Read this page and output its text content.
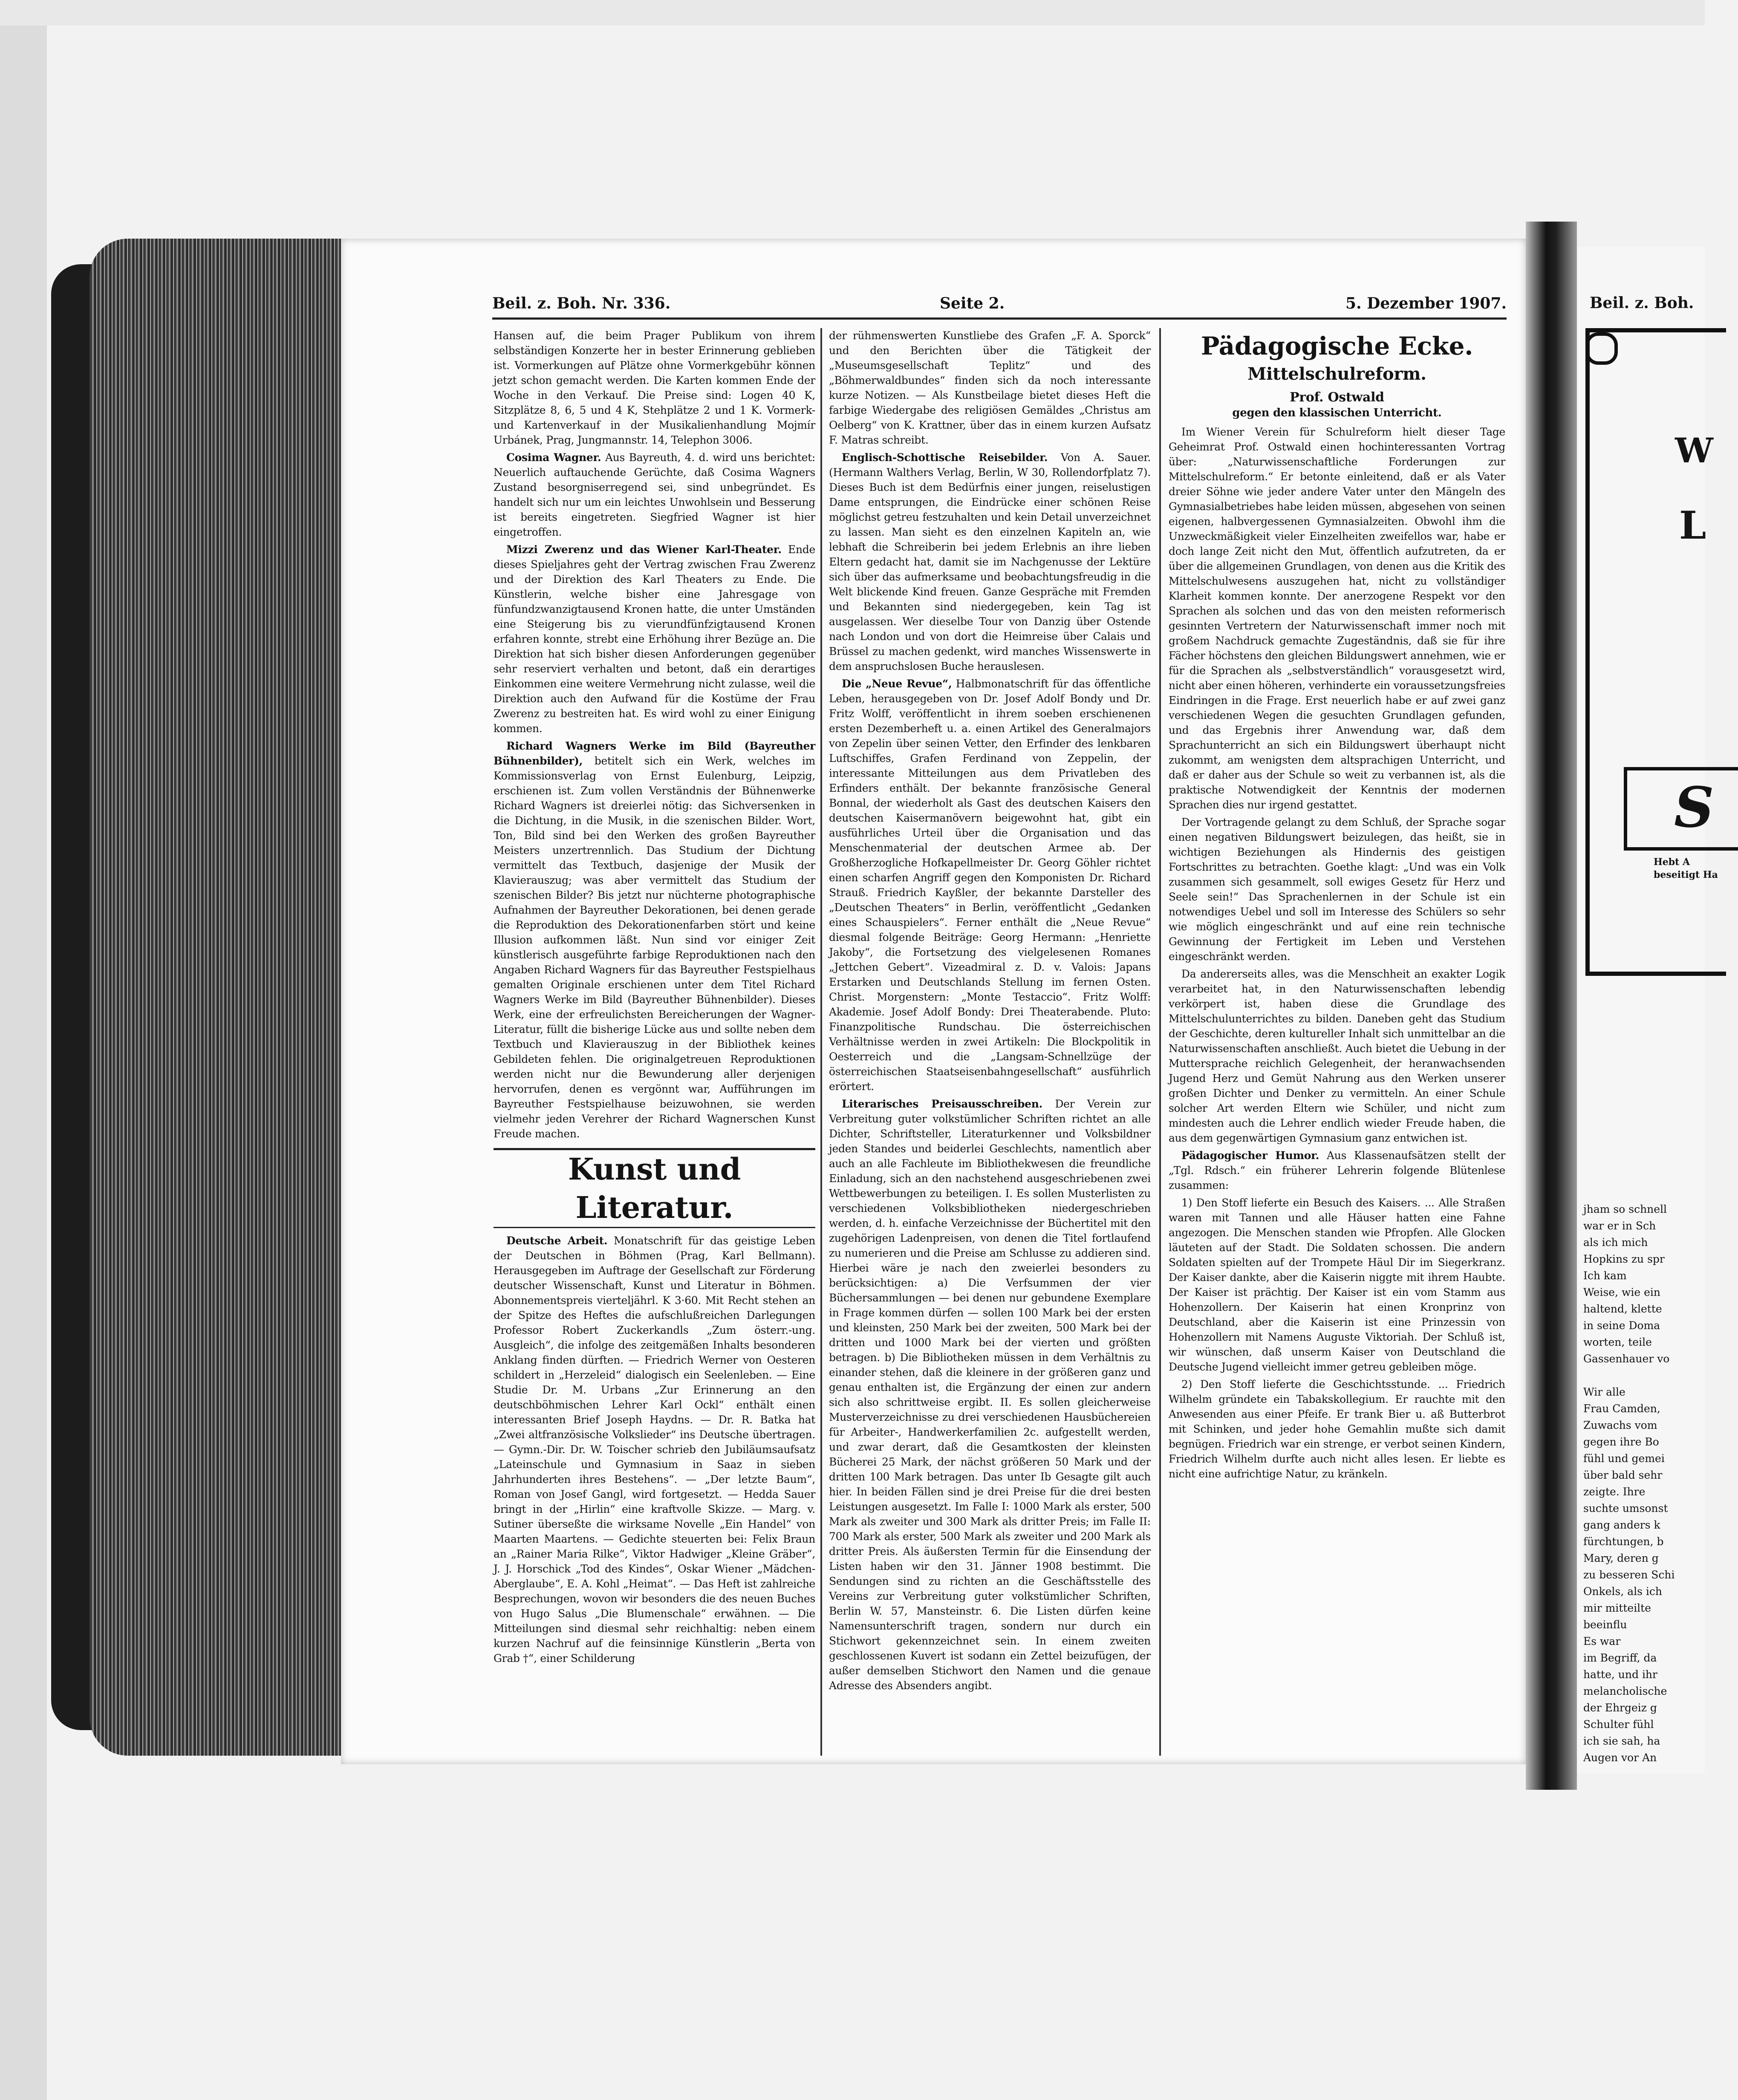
Beil. z. Boh. Nr. 336.	Seite 2.	5. Dezember 1907.

Hansen auf, die beim Prager Publikum von ihrem selbständigen Konzerte her in bester Erinnerung geblieben ist. Vormerkungen auf Plätze ohne Vormerkgebühr können jetzt schon gemacht werden. Die Karten kommen Ende der Woche in den Verkauf. Die Preise sind: Logen 40 K, Sitzplätze 8, 6, 5 und 4 K, Stehplätze 2 und 1 K. Vormerk- und Kartenverkauf in der Musikalienhandlung Mojmír Urbánek, Prag, Jungmannstr. 14, Telephon 3006.

Cosima Wagner. Aus Bayreuth, 4. d. wird uns berichtet: Neuerlich auftauchende Gerüchte, daß Cosima Wagners Zustand besorgniserregend sei, sind unbegründet. Es handelt sich nur um ein leichtes Unwohlsein und Besserung ist bereits eingetreten. Siegfried Wagner ist hier eingetroffen.

Mizzi Zwerenz und das Wiener Karl-Theater. Ende dieses Spieljahres geht der Vertrag zwischen Frau Zwerenz und der Direktion des Karl Theaters zu Ende. Die Künstlerin, welche bisher eine Jahresgage von fünfundzwanzigtausend Kronen hatte, die unter Umständen eine Steigerung bis zu vierundfünfzigtausend Kronen erfahren konnte, strebt eine Erhöhung ihrer Bezüge an. Die Direktion hat sich bisher diesen Anforderungen gegenüber sehr reserviert verhalten und betont, daß ein derartiges Einkommen eine weitere Vermehrung nicht zulasse, weil die Direktion auch den Aufwand für die Kostüme der Frau Zwerenz zu bestreiten hat. Es wird wohl zu einer Einigung kommen.

Richard Wagners Werke im Bild (Bayreuther Bühnenbilder), betitelt sich ein Werk, welches im Kommissionsverlag von Ernst Eulenburg, Leipzig, erschienen ist. Zum vollen Verständnis der Bühnenwerke Richard Wagners ist dreierlei nötig: das Sichversenken in die Dichtung, in die Musik, in die szenischen Bilder. Wort, Ton, Bild sind bei den Werken des großen Bayreuther Meisters unzertrennlich. Das Studium der Dichtung vermittelt das Textbuch, dasjenige der Musik der Klavierauszug; was aber vermittelt das Studium der szenischen Bilder? Bis jetzt nur nüchterne photographische Aufnahmen der Bayreuther Dekorationen, bei denen gerade die Reproduktion des Dekorationenfarben stört und keine Illusion aufkommen läßt. Nun sind vor einiger Zeit künstlerisch ausgeführte farbige Reproduktionen nach den Angaben Richard Wagners für das Bayreuther Festspielhaus gemalten Originale erschienen unter dem Titel Richard Wagners Werke im Bild (Bayreuther Bühnenbilder). Dieses Werk, eine der erfreulichsten Bereicherungen der Wagner-Literatur, füllt die bisherige Lücke aus und sollte neben dem Textbuch und Klavierauszug in der Bibliothek keines Gebildeten fehlen. Die originalgetreuen Reproduktionen werden nicht nur die Bewunderung aller derjenigen hervorrufen, denen es vergönnt war, Aufführungen im Bayreuther Festspielhause beizuwohnen, sie werden vielmehr jeden Verehrer der Richard Wagnerschen Kunst Freude machen.

Kunst und Literatur.

Deutsche Arbeit. Monatschrift für das geistige Leben der Deutschen in Böhmen (Prag, Karl Bellmann). Herausgegeben im Auftrage der Gesellschaft zur Förderung deutscher Wissenschaft, Kunst und Literatur in Böhmen. Abonnementspreis vierteljährl. K 3·60. Mit Recht stehen an der Spitze des Heftes die aufschlußreichen Darlegungen Professor Robert Zuckerkandls „Zum österr.-ung. Ausgleich“, die infolge des zeitgemäßen Inhalts besonderen Anklang finden dürften. — Friedrich Werner von Oesteren schildert in „Herzeleid“ dialogisch ein Seelenleben. — Eine Studie Dr. M. Urbans „Zur Erinnerung an den deutschböhmischen Lehrer Karl Ockl“ enthält einen interessanten Brief Joseph Haydns. — Dr. R. Batka hat „Zwei altfranzösische Volkslieder“ ins Deutsche übertragen. — Gymn.-Dir. Dr. W. Toischer schrieb den Jubiläumsaufsatz „Lateinschule und Gymnasium in Saaz in sieben Jahrhunderten ihres Bestehens“. — „Der letzte Baum“, Roman von Josef Gangl, wird fortgesetzt. — Hedda Sauer bringt in der „Hirlin“ eine kraftvolle Skizze. — Marg. v. Sutiner überseßte die wirksame Novelle „Ein Handel“ von Maarten Maartens. — Gedichte steuerten bei: Felix Braun an „Rainer Maria Rilke“, Viktor Hadwiger „Kleine Gräber“, J. J. Horschick „Tod des Kindes“, Oskar Wiener „Mädchen-Aberglaube“, E. A. Kohl „Heimat“. — Das Heft ist zahlreiche Besprechungen, wovon wir besonders die des neuen Buches von Hugo Salus „Die Blumenschale“ erwähnen. — Die Mitteilungen sind diesmal sehr reichhaltig: neben einem kurzen Nachruf auf die feinsinnige Künstlerin „Berta von Grab †“, einer Schilderung

der rühmenswerten Kunstliebe des Grafen „F. A. Sporck“ und den Berichten über die Tätigkeit der „Museumsgesellschaft Teplitz“ und des „Böhmerwaldbundes“ finden sich da noch interessante kurze Notizen. — Als Kunstbeilage bietet dieses Heft die farbige Wiedergabe des religiösen Gemäldes „Christus am Oelberg“ von K. Krattner, über das in einem kurzen Aufsatz F. Matras schreibt.

Englisch-Schottische Reisebilder. Von A. Sauer. (Hermann Walthers Verlag, Berlin, W 30, Rollendorfplatz 7). Dieses Buch ist dem Bedürfnis einer jungen, reiselustigen Dame entsprungen, die Eindrücke einer schönen Reise möglichst getreu festzuhalten und kein Detail unverzeichnet zu lassen. Man sieht es den einzelnen Kapiteln an, wie lebhaft die Schreiberin bei jedem Erlebnis an ihre lieben Eltern gedacht hat, damit sie im Nachgenusse der Lektüre sich über das aufmerksame und beobachtungsfreudig in die Welt blickende Kind freuen. Ganze Gespräche mit Fremden und Bekannten sind niedergegeben, kein Tag ist ausgelassen. Wer dieselbe Tour von Danzig über Ostende nach London und von dort die Heimreise über Calais und Brüssel zu machen gedenkt, wird manches Wissenswerte in dem anspruchslosen Buche herauslesen.

Die „Neue Revue“, Halbmonatschrift für das öffentliche Leben, herausgegeben von Dr. Josef Adolf Bondy und Dr. Fritz Wolff, veröffentlicht in ihrem soeben erschienenen ersten Dezemberheft u. a. einen Artikel des Generalmajors von Zepelin über seinen Vetter, den Erfinder des lenkbaren Luftschiffes, Grafen Ferdinand von Zeppelin, der interessante Mitteilungen aus dem Privatleben des Erfinders enthält. Der bekannte französische General Bonnal, der wiederholt als Gast des deutschen Kaisers den deutschen Kaisermanövern beigewohnt hat, gibt ein ausführliches Urteil über die Organisation und das Menschenmaterial der deutschen Armee ab. Der Großherzogliche Hofkapellmeister Dr. Georg Göhler richtet einen scharfen Angriff gegen den Komponisten Dr. Richard Strauß. Friedrich Kayßler, der bekannte Darsteller des „Deutschen Theaters“ in Berlin, veröffentlicht „Gedanken eines Schauspielers“. Ferner enthält die „Neue Revue“ diesmal folgende Beiträge: Georg Hermann: „Henriette Jakoby“, die Fortsetzung des vielgelesenen Romanes „Jettchen Gebert“. Vizeadmiral z. D. v. Valois: Japans Erstarken und Deutschlands Stellung im fernen Osten. Christ. Morgenstern: „Monte Testaccio“. Fritz Wolff: Akademie. Josef Adolf Bondy: Drei Theaterabende. Pluto: Finanzpolitische Rundschau. Die österreichischen Verhältnisse werden in zwei Artikeln: Die Blockpolitik in Oesterreich und die „Langsam-Schnellzüge der österreichischen Staatseisenbahngesellschaft“ ausführlich erörtert.

Literarisches Preisausschreiben. Der Verein zur Verbreitung guter volkstümlicher Schriften richtet an alle Dichter, Schriftsteller, Literaturkenner und Volksbildner jeden Standes und beiderlei Geschlechts, namentlich aber auch an alle Fachleute im Bibliothekwesen die freundliche Einladung, sich an den nachstehend ausgeschriebenen zwei Wettbewerbungen zu beteiligen. I. Es sollen Musterlisten zu verschiedenen Volksbibliotheken niedergeschrieben werden, d. h. einfache Verzeichnisse der Büchertitel mit den zugehörigen Ladenpreisen, von denen die Titel fortlaufend zu numerieren und die Preise am Schlusse zu addieren sind. Hierbei wäre je nach den zweierlei besonders zu berücksichtigen: a) Die Verfsummen der vier Büchersammlungen — bei denen nur gebundene Exemplare in Frage kommen dürfen — sollen 100 Mark bei der ersten und kleinsten, 250 Mark bei der zweiten, 500 Mark bei der dritten und 1000 Mark bei der vierten und größten betragen. b) Die Bibliotheken müssen in dem Verhältnis zu einander stehen, daß die kleinere in der größeren ganz und genau enthalten ist, die Ergänzung der einen zur andern sich also schrittweise ergibt. II. Es sollen gleicherweise Musterverzeichnisse zu drei verschiedenen Hausbüchereien für Arbeiter-, Handwerkerfamilien 2c. aufgestellt werden, und zwar derart, daß die Gesamtkosten der kleinsten Bücherei 25 Mark, der nächst größeren 50 Mark und der dritten 100 Mark betragen. Das unter Ib Gesagte gilt auch hier. In beiden Fällen sind je drei Preise für die drei besten Leistungen ausgesetzt. Im Falle I: 1000 Mark als erster, 500 Mark als zweiter und 300 Mark als dritter Preis; im Falle II: 700 Mark als erster, 500 Mark als zweiter und 200 Mark als dritter Preis. Als äußersten Termin für die Einsendung der Listen haben wir den 31. Jänner 1908 bestimmt. Die Sendungen sind zu richten an die Geschäftsstelle des Vereins zur Verbreitung guter volkstümlicher Schriften, Berlin W. 57, Mansteinstr. 6. Die Listen dürfen keine Namensunterschrift tragen, sondern nur durch ein Stichwort gekennzeichnet sein. In einem zweiten geschlossenen Kuvert ist sodann ein Zettel beizufügen, der außer demselben Stichwort den Namen und die genaue Adresse des Absenders angibt.

Pädagogische Ecke.
Mittelschulreform.
Prof. Ostwald
gegen den klassischen Unterricht.

Im Wiener Verein für Schulreform hielt dieser Tage Geheimrat Prof. Ostwald einen hochinteressanten Vortrag über: „Naturwissenschaftliche Forderungen zur Mittelschulreform.“ Er betonte einleitend, daß er als Vater dreier Söhne wie jeder andere Vater unter den Mängeln des Gymnasialbetriebes habe leiden müssen, abgesehen von seinen eigenen, halbvergessenen Gymnasialzeiten. Obwohl ihm die Unzweckmäßigkeit vieler Einzelheiten zweifellos war, habe er doch lange Zeit nicht den Mut, öffentlich aufzutreten, da er über die allgemeinen Grundlagen, von denen aus die Kritik des Mittelschulwesens auszugehen hat, nicht zu vollständiger Klarheit kommen konnte. Der anerzogene Respekt vor den Sprachen als solchen und das von den meisten reformerisch gesinnten Vertretern der Naturwissenschaft immer noch mit großem Nachdruck gemachte Zugeständnis, daß sie für ihre Fächer höchstens den gleichen Bildungswert annehmen, wie er für die Sprachen als „selbstverständlich“ vorausgesetzt wird, nicht aber einen höheren, verhinderte ein voraussetzungsfreies Eindringen in die Frage. Erst neuerlich habe er auf zwei ganz verschiedenen Wegen die gesuchten Grundlagen gefunden, und das Ergebnis ihrer Anwendung war, daß dem Sprachunterricht an sich ein Bildungswert überhaupt nicht zukommt, am wenigsten dem altsprachigen Unterricht, und daß er daher aus der Schule so weit zu verbannen ist, als die praktische Notwendigkeit der Kenntnis der modernen Sprachen dies nur irgend gestattet.

Der Vortragende gelangt zu dem Schluß, der Sprache sogar einen negativen Bildungswert beizulegen, das heißt, sie in wichtigen Beziehungen als Hindernis des geistigen Fortschrittes zu betrachten. Goethe klagt: „Und was ein Volk zusammen sich gesammelt, soll ewiges Gesetz für Herz und Seele sein!“ Das Sprachenlernen in der Schule ist ein notwendiges Uebel und soll im Interesse des Schülers so sehr wie möglich eingeschränkt und auf eine rein technische Gewinnung der Fertigkeit im Leben und Verstehen eingeschränkt werden.

Da andererseits alles, was die Menschheit an exakter Logik verarbeitet hat, in den Naturwissenschaften lebendig verkörpert ist, haben diese die Grundlage des Mittelschulunterrichtes zu bilden. Daneben geht das Studium der Geschichte, deren kultureller Inhalt sich unmittelbar an die Naturwissenschaften anschließt. Auch bietet die Uebung in der Muttersprache reichlich Gelegenheit, der heranwachsenden Jugend Herz und Gemüt Nahrung aus den Werken unserer großen Dichter und Denker zu vermitteln. An einer Schule solcher Art werden Eltern wie Schüler, und nicht zum mindesten auch die Lehrer endlich wieder Freude haben, die aus dem gegenwärtigen Gymnasium ganz entwichen ist.

Pädagogischer Humor. Aus Klassenaufsätzen stellt der „Tgl. Rdsch.“ ein früherer Lehrerin folgende Blütenlese zusammen:

1) Den Stoff lieferte ein Besuch des Kaisers. ... Alle Straßen waren mit Tannen und alle Häuser hatten eine Fahne angezogen. Die Menschen standen wie Pfropfen. Alle Glocken läuteten auf der Stadt. Die Soldaten schossen. Die andern Soldaten spielten auf der Trompete Häul Dir im Siegerkranz. Der Kaiser dankte, aber die Kaiserin niggte mit ihrem Haubte. Der Kaiser ist prächtig. Der Kaiser ist ein vom Stamm aus Hohenzollern. Der Kaiserin hat einen Kronprinz von Deutschland, aber die Kaiserin ist eine Prinzessin von Hohenzollern mit Namens Auguste Viktoriah. Der Schluß ist, wir wünschen, daß unserm Kaiser von Deutschland die Deutsche Jugend vielleicht immer getreu gebleiben möge.

2) Den Stoff lieferte die Geschichtsstunde. ... Friedrich Wilhelm gründete ein Tabakskollegium. Er rauchte mit den Anwesenden aus einer Pfeife. Er trank Bier u. aß Butterbrot mit Schinken, und jeder hohe Gemahlin mußte sich damit begnügen. Friedrich war ein strenge, er verbot seinen Kindern, Friedrich Wilhelm durfte auch nicht alles lesen. Er liebte es nicht eine aufrichtige Natur, zu kränkeln.

Beil. z. Boh.
W
L
S
Hebt A
beseitigt Ha
jham so schnell
war er in Sch
als ich mich
Hopkins zu spr
Ich kam
Weise, wie ein
haltend, klette
in seine Doma
worten, teile
Gassenhauer vo
Wir alle
Frau Camden,
Zuwachs vom
gegen ihre Bo
fühl und gemei
über bald sehr
zeigte. Ihre
suchte umsonst
gang anders k
fürchtungen, b
Mary, deren g
zu besseren Schi
Onkels, als ich
mir mitteilte
beeinflu
Es war
im Begriff, da
hatte, und ihr
melancholische
der Ehrgeiz g
Schulter fühl
ich sie sah, ha
Augen vor An
